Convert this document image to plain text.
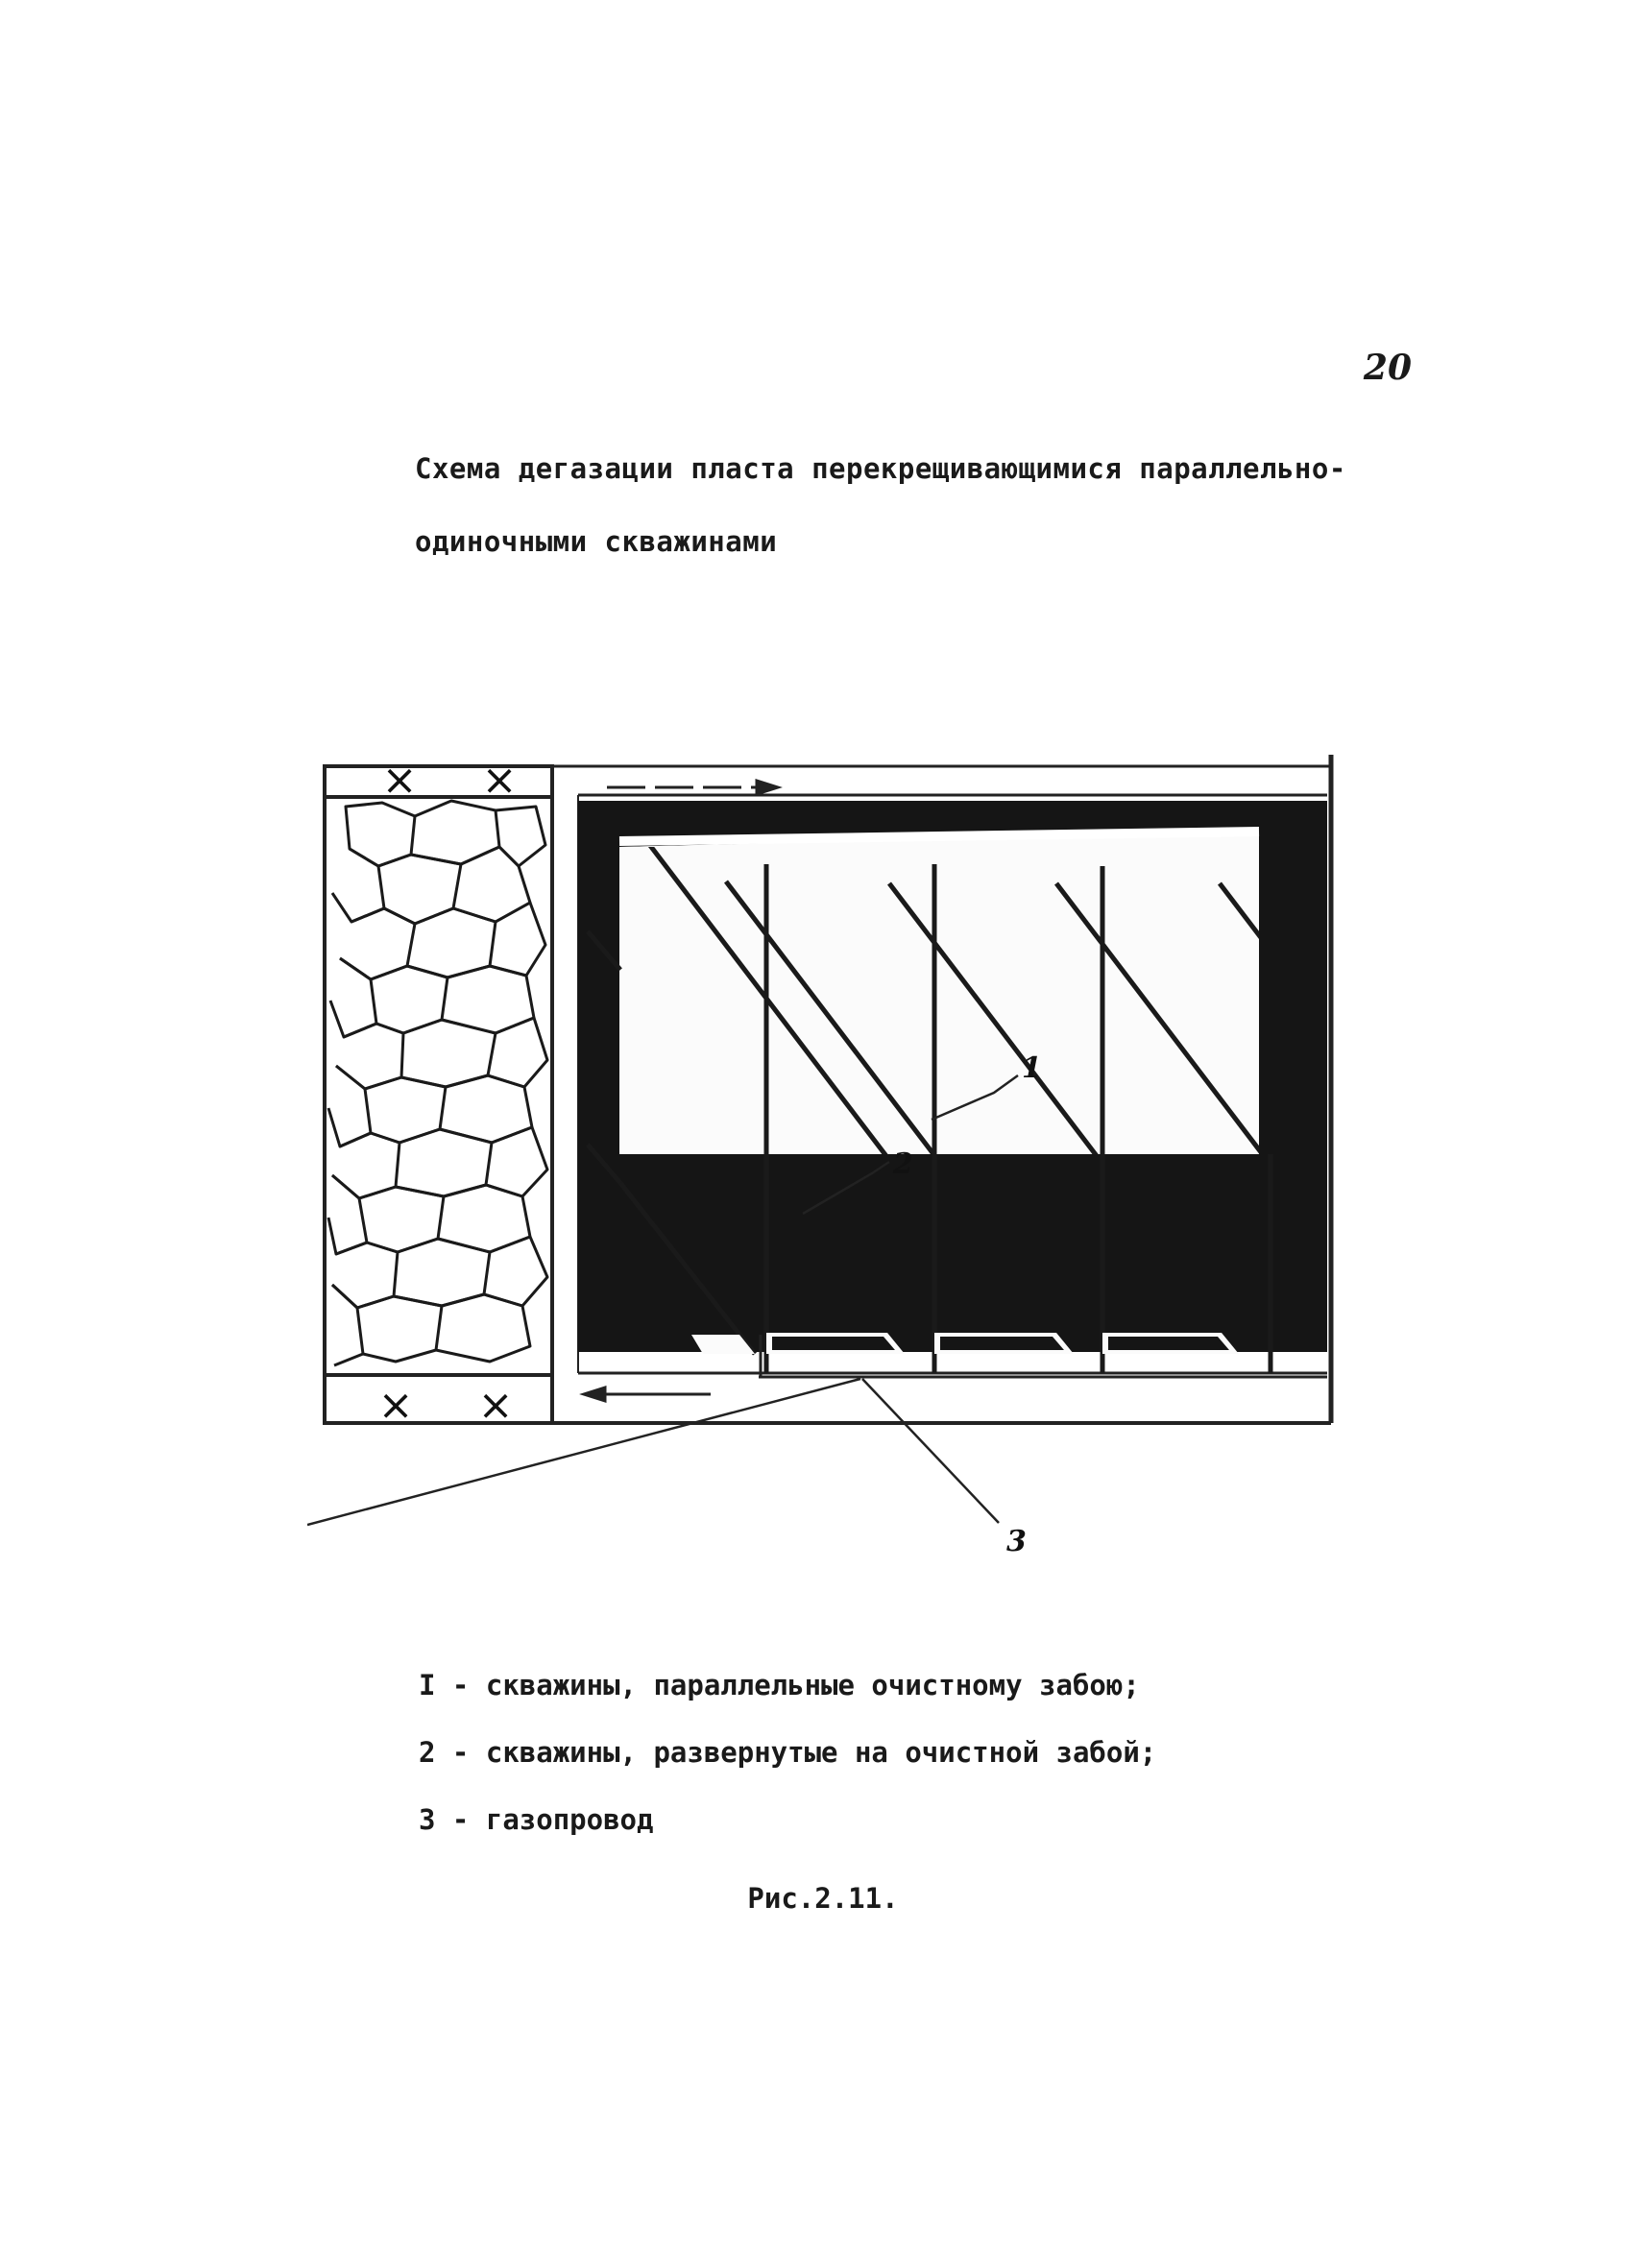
20
Схема дегазации пласта перекрещивающимися параллельно-
одиночными скважинами
× ×
× ×
1
2
3
I - скважины, параллельные очистному забою;
2 - скважины, развернутые на очистной забой;
3 - газопровод
Рис.2.11.
